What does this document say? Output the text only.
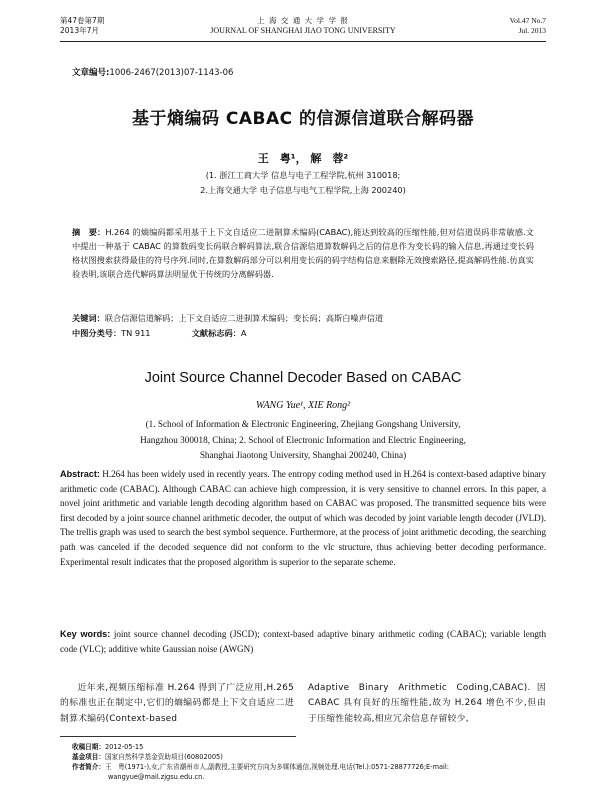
第47卷第7期
2013年7月
上 海 交 通 大 学 学 报
JOURNAL OF SHANGHAI JIAO TONG UNIVERSITY
Vol.47 No.7
Jul. 2013
文章编号:1006-2467(2013)07-1143-06
基于熵编码 CABAC 的信源信道联合解码器
王　粤¹， 解　蓉²
(1. 浙江工商大学 信息与电子工程学院,杭州 310018;
2.上海交通大学 电子信息与电气工程学院,上海 200240)
摘　要：H.264 的熵编码都采用基于上下文自适应二进制算术编码(CABAC),能达到较高的压缩性能,但对信道误码非常敏感.文中提出一种基于 CABAC 的算数码变长码联合解码算法,联合信源信道算数解码之后的信息作为变长码的输入信息,再通过变长码格状图搜索获得最佳的符号序列.同时,在算数解码部分可以利用变长码的码字结构信息来删除无效搜索路径,提高解码性能.仿真实验表明,该联合迭代解码算法明显优于传统的分离解码器.
关键词：联合信源信道解码；上下文自适应二进制算术编码；变长码；高斯白噪声信道
中图分类号：TN 911	文献标志码：A
Joint Source Channel Decoder Based on CABAC
WANG Yue¹, XIE Rong²
(1. School of Information & Electronic Engineering, Zhejiang Gongshang University,
Hangzhou 300018, China; 2. School of Electronic Information and Electric Engineering,
Shanghai Jiaotong University, Shanghai 200240, China)
Abstract: H.264 has been widely used in recently years. The entropy coding method used in H.264 is context-based adaptive binary arithmetic code (CABAC). Although CABAC can achieve high compression, it is very sensitive to channel errors. In this paper, a novel joint arithmetic and variable length decoding algorithm based on CABAC was proposed. The transmitted sequence bits were first decoded by a joint source channel arithmetic decoder, the output of which was decoded by joint variable length decoder (JVLD). The trellis graph was used to search the best symbol sequence. Furthermore, at the process of joint arithmetic decoding, the searching path was canceled if the decoded sequence did not conform to the vlc structure, thus achieving better decoding performance. Experimental result indicates that the proposed algorithm is superior to the separate scheme.
Key words: joint source channel decoding (JSCD); context-based adaptive binary arithmetic coding (CABAC); variable length code (VLC); additive white Gaussian noise (AWGN)
近年来,视频压缩标准 H.264 得到了广泛应用,H.265 的标准也正在制定中,它们的熵编码都是上下文自适应二进制算术编码(Context-based
Adaptive Binary Arithmetic Coding,CABAC).因 CABAC 具有良好的压缩性能,故为 H.264 增色不少,但由于压缩性能较高,相应冗余信息存留较少,
收稿日期：2012-05-15
基金项目：国家自然科学基金资助项目(60802005)
作者简介：王　粤(1971-),女,广东省潮州市人,副教授,主要研究方向为多媒体通信,视频处理.电话(Tel.):0571-28877726;E-mail:
wangyue@mail.zjgsu.edu.cn.
